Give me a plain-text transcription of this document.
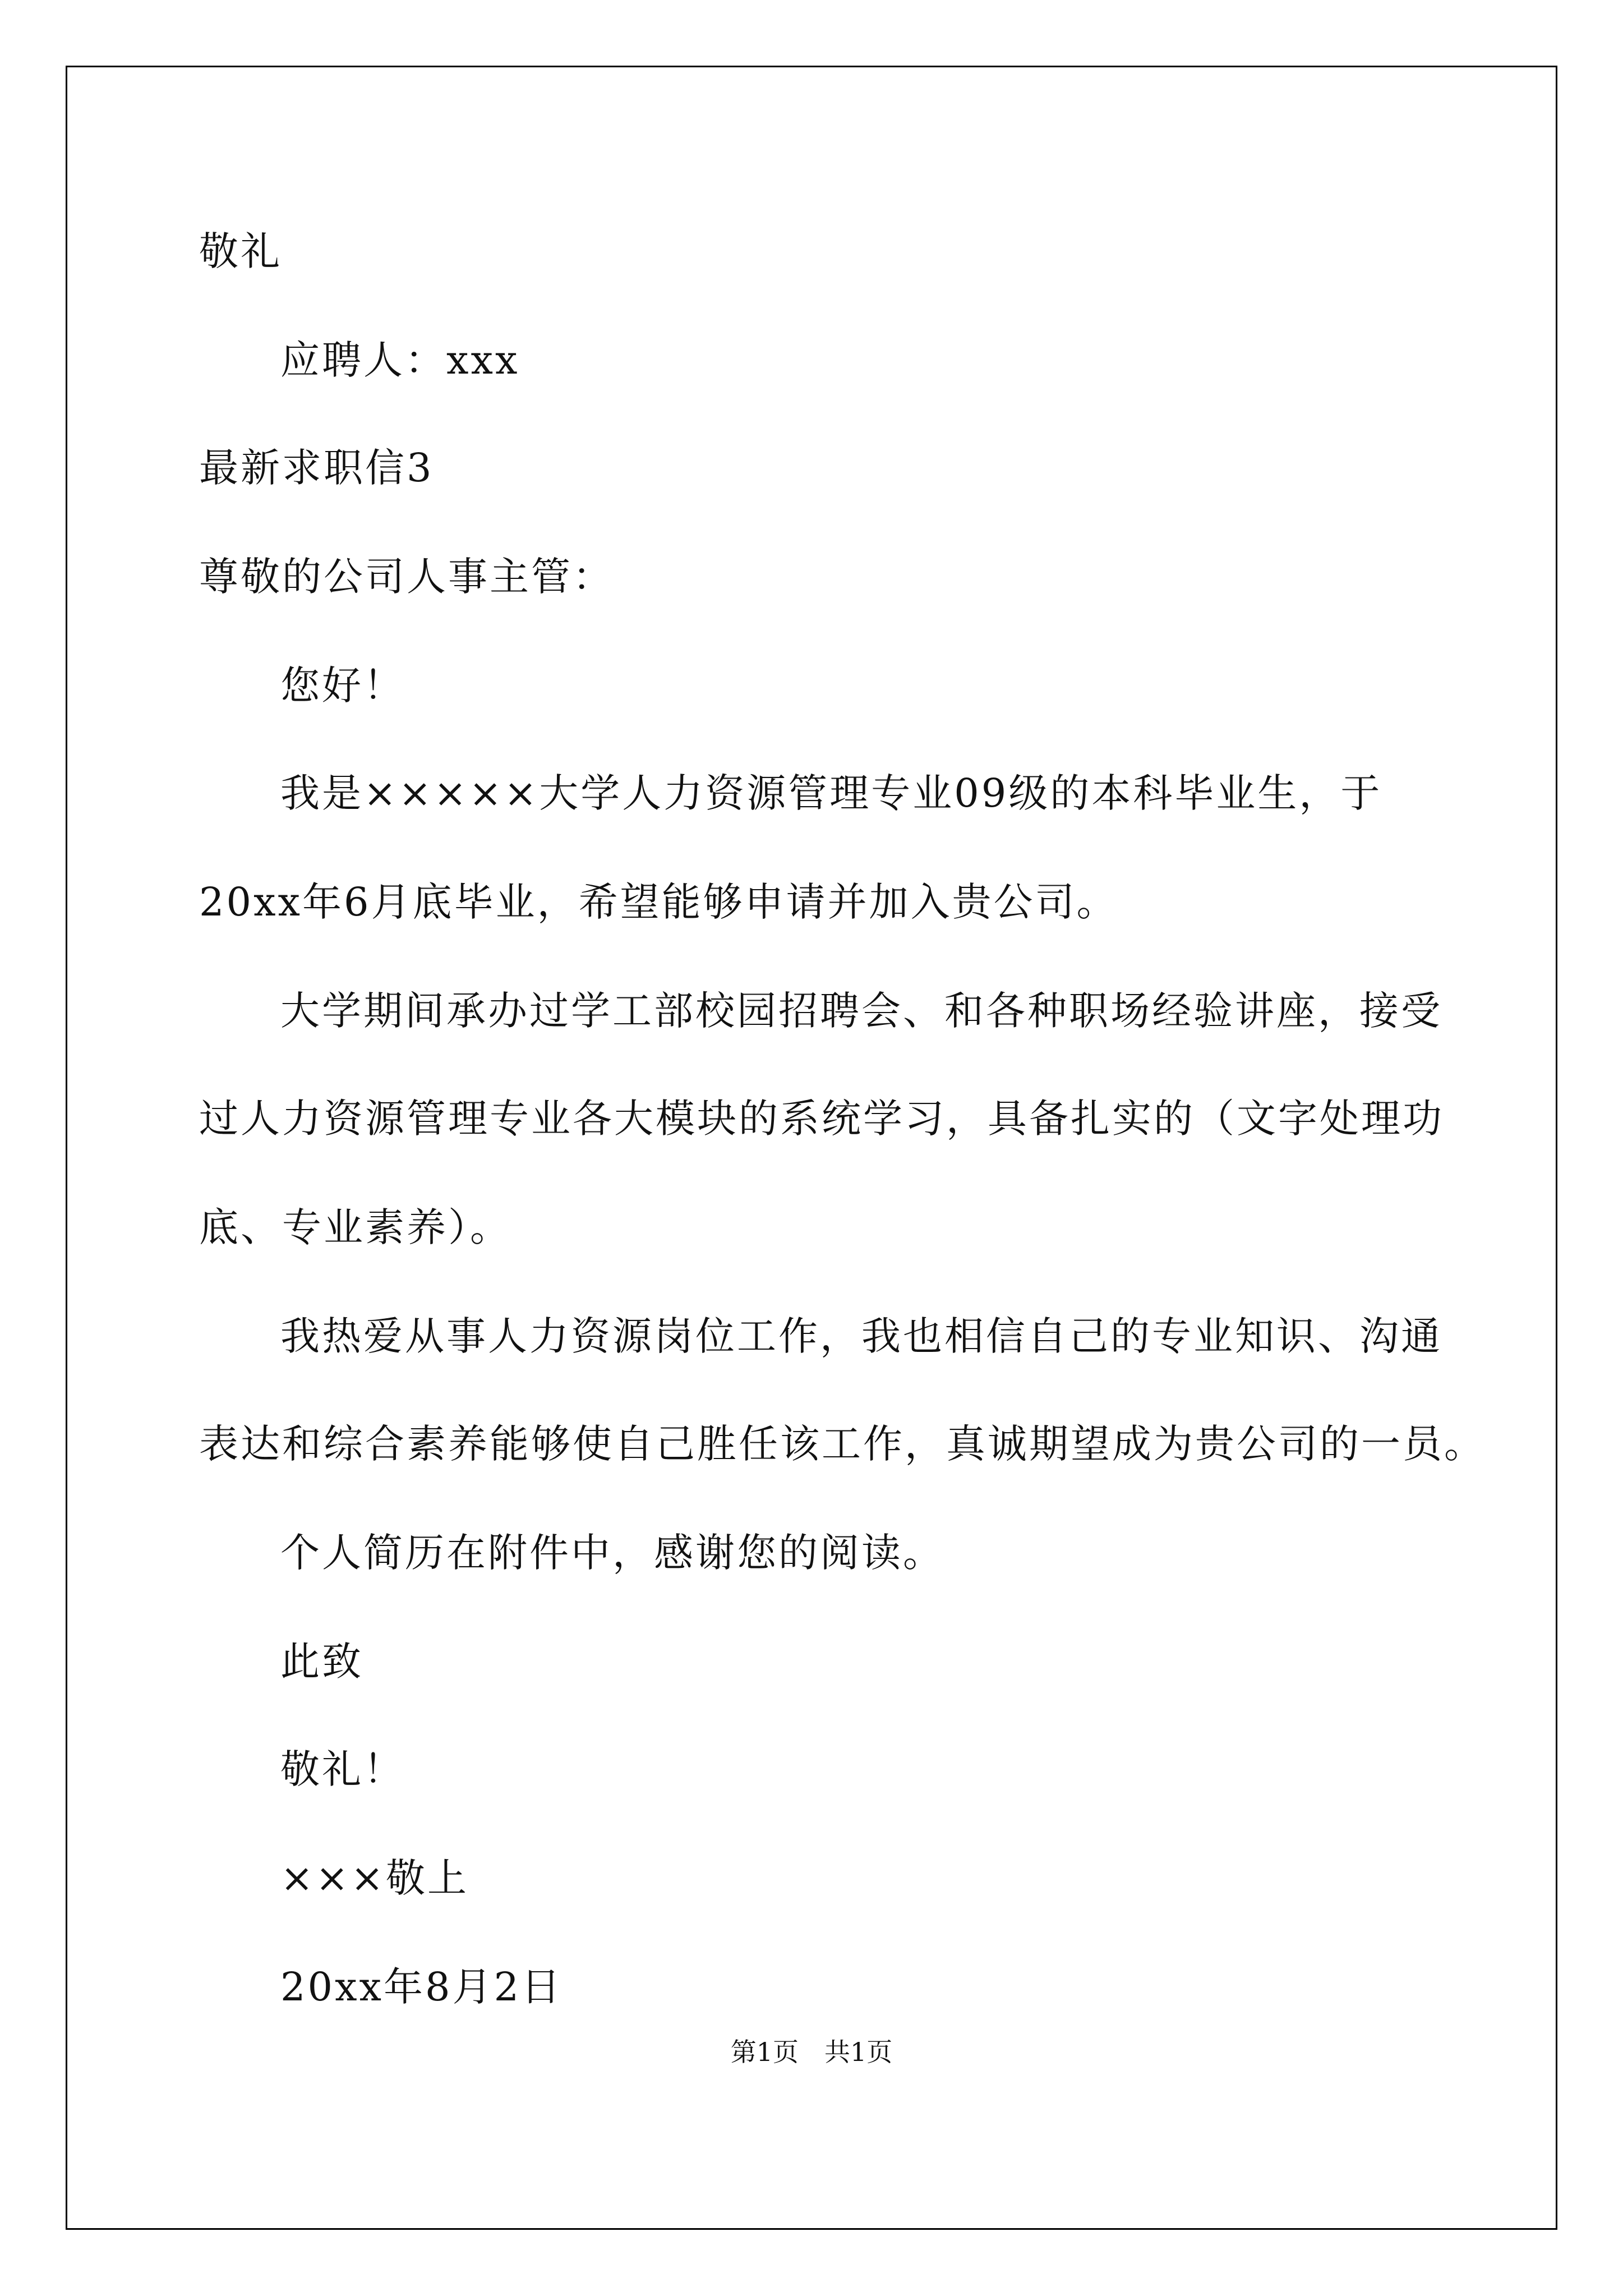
敬礼
应聘人：xxx
最新求职信3
尊敬的公司人事主管：
您好！
我是×××××大学人力资源管理专业09级的本科毕业生，于
20xx年6月底毕业，希望能够申请并加入贵公司。
大学期间承办过学工部校园招聘会、和各种职场经验讲座，接受
过人力资源管理专业各大模块的系统学习，具备扎实的（文字处理功
底、专业素养）。
我热爱从事人力资源岗位工作，我也相信自己的专业知识、沟通
表达和综合素养能够使自己胜任该工作，真诚期望成为贵公司的一员。
个人简历在附件中，感谢您的阅读。
此致
敬礼！
×××敬上
20xx年8月2日
第1页　共1页
